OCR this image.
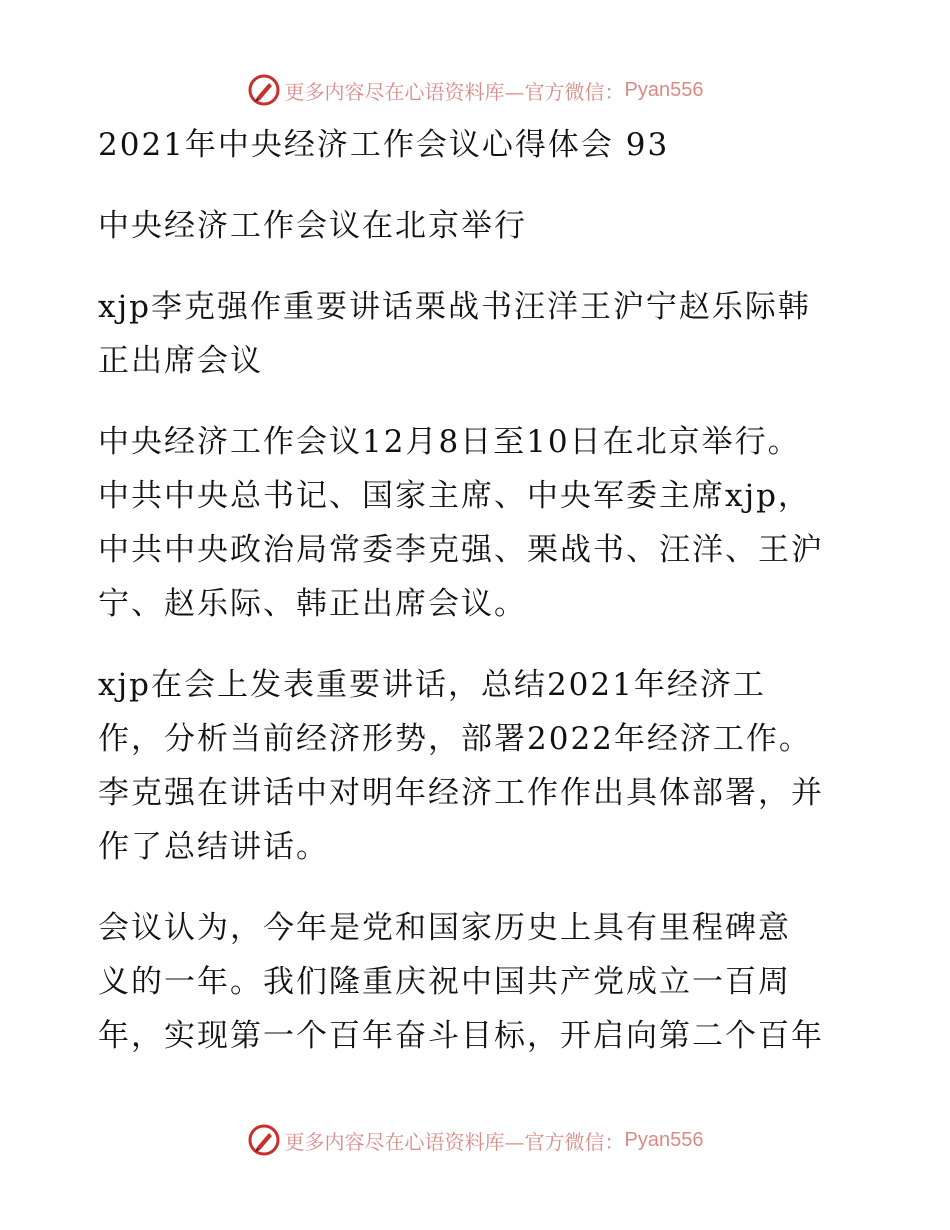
更多内容尽在心语资料库—官方微信： Pyan556
2021年中央经济工作会议心得体会 93
中央经济工作会议在北京举行
xjp李克强作重要讲话栗战书汪洋王沪宁赵乐际韩
正出席会议
中央经济工作会议12月8日至10日在北京举行。
中共中央总书记、国家主席、中央军委主席xjp，
中共中央政治局常委李克强、栗战书、汪洋、王沪
宁、赵乐际、韩正出席会议。
xjp在会上发表重要讲话，总结2021年经济工
作，分析当前经济形势，部署2022年经济工作。
李克强在讲话中对明年经济工作作出具体部署，并
作了总结讲话。
会议认为，今年是党和国家历史上具有里程碑意
义的一年。我们隆重庆祝中国共产党成立一百周
年，实现第一个百年奋斗目标，开启向第二个百年
更多内容尽在心语资料库—官方微信： Pyan556
